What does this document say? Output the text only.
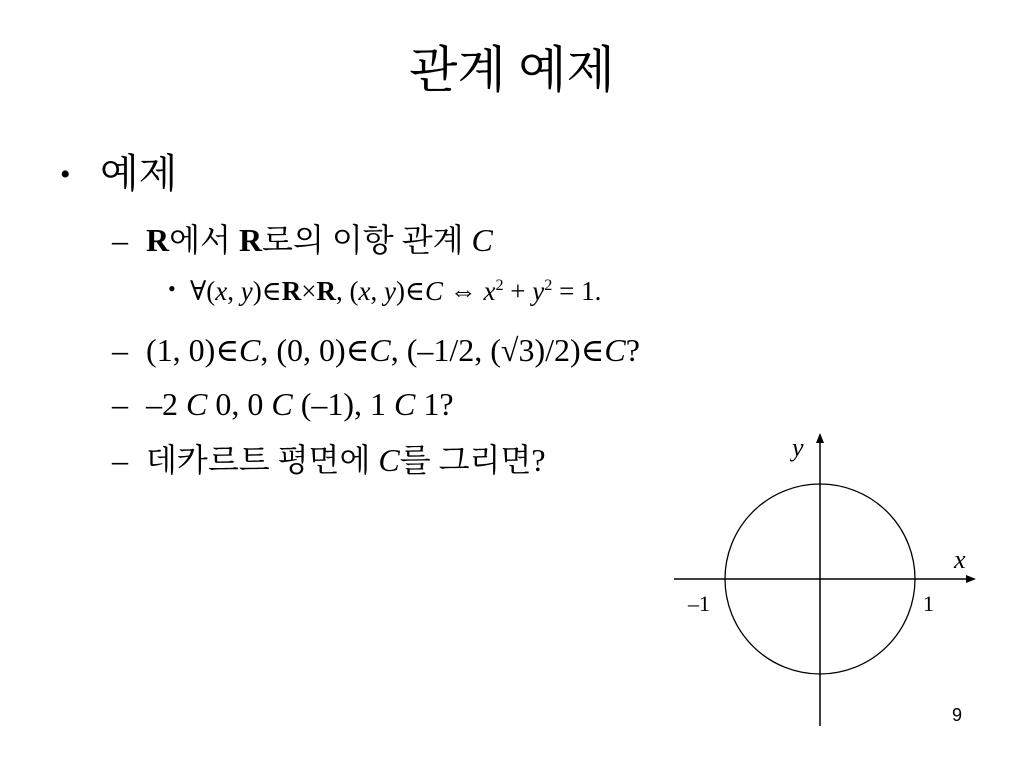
관계 예제
• 예제
– R에서 R로의 이항 관계 C
• ∀(x, y)∈R×R, (x, y)∈C ⇔ $x^2 + y^2 = 1$.
– (1, 0)∈C, (0, 0)∈C, (–1/2, (√3)/2)∈C?
– –2 C 0, 0 C (–1), 1 C 1?
– 데카르트 평면에 C를 그리면?	y
x
–1	1
9
